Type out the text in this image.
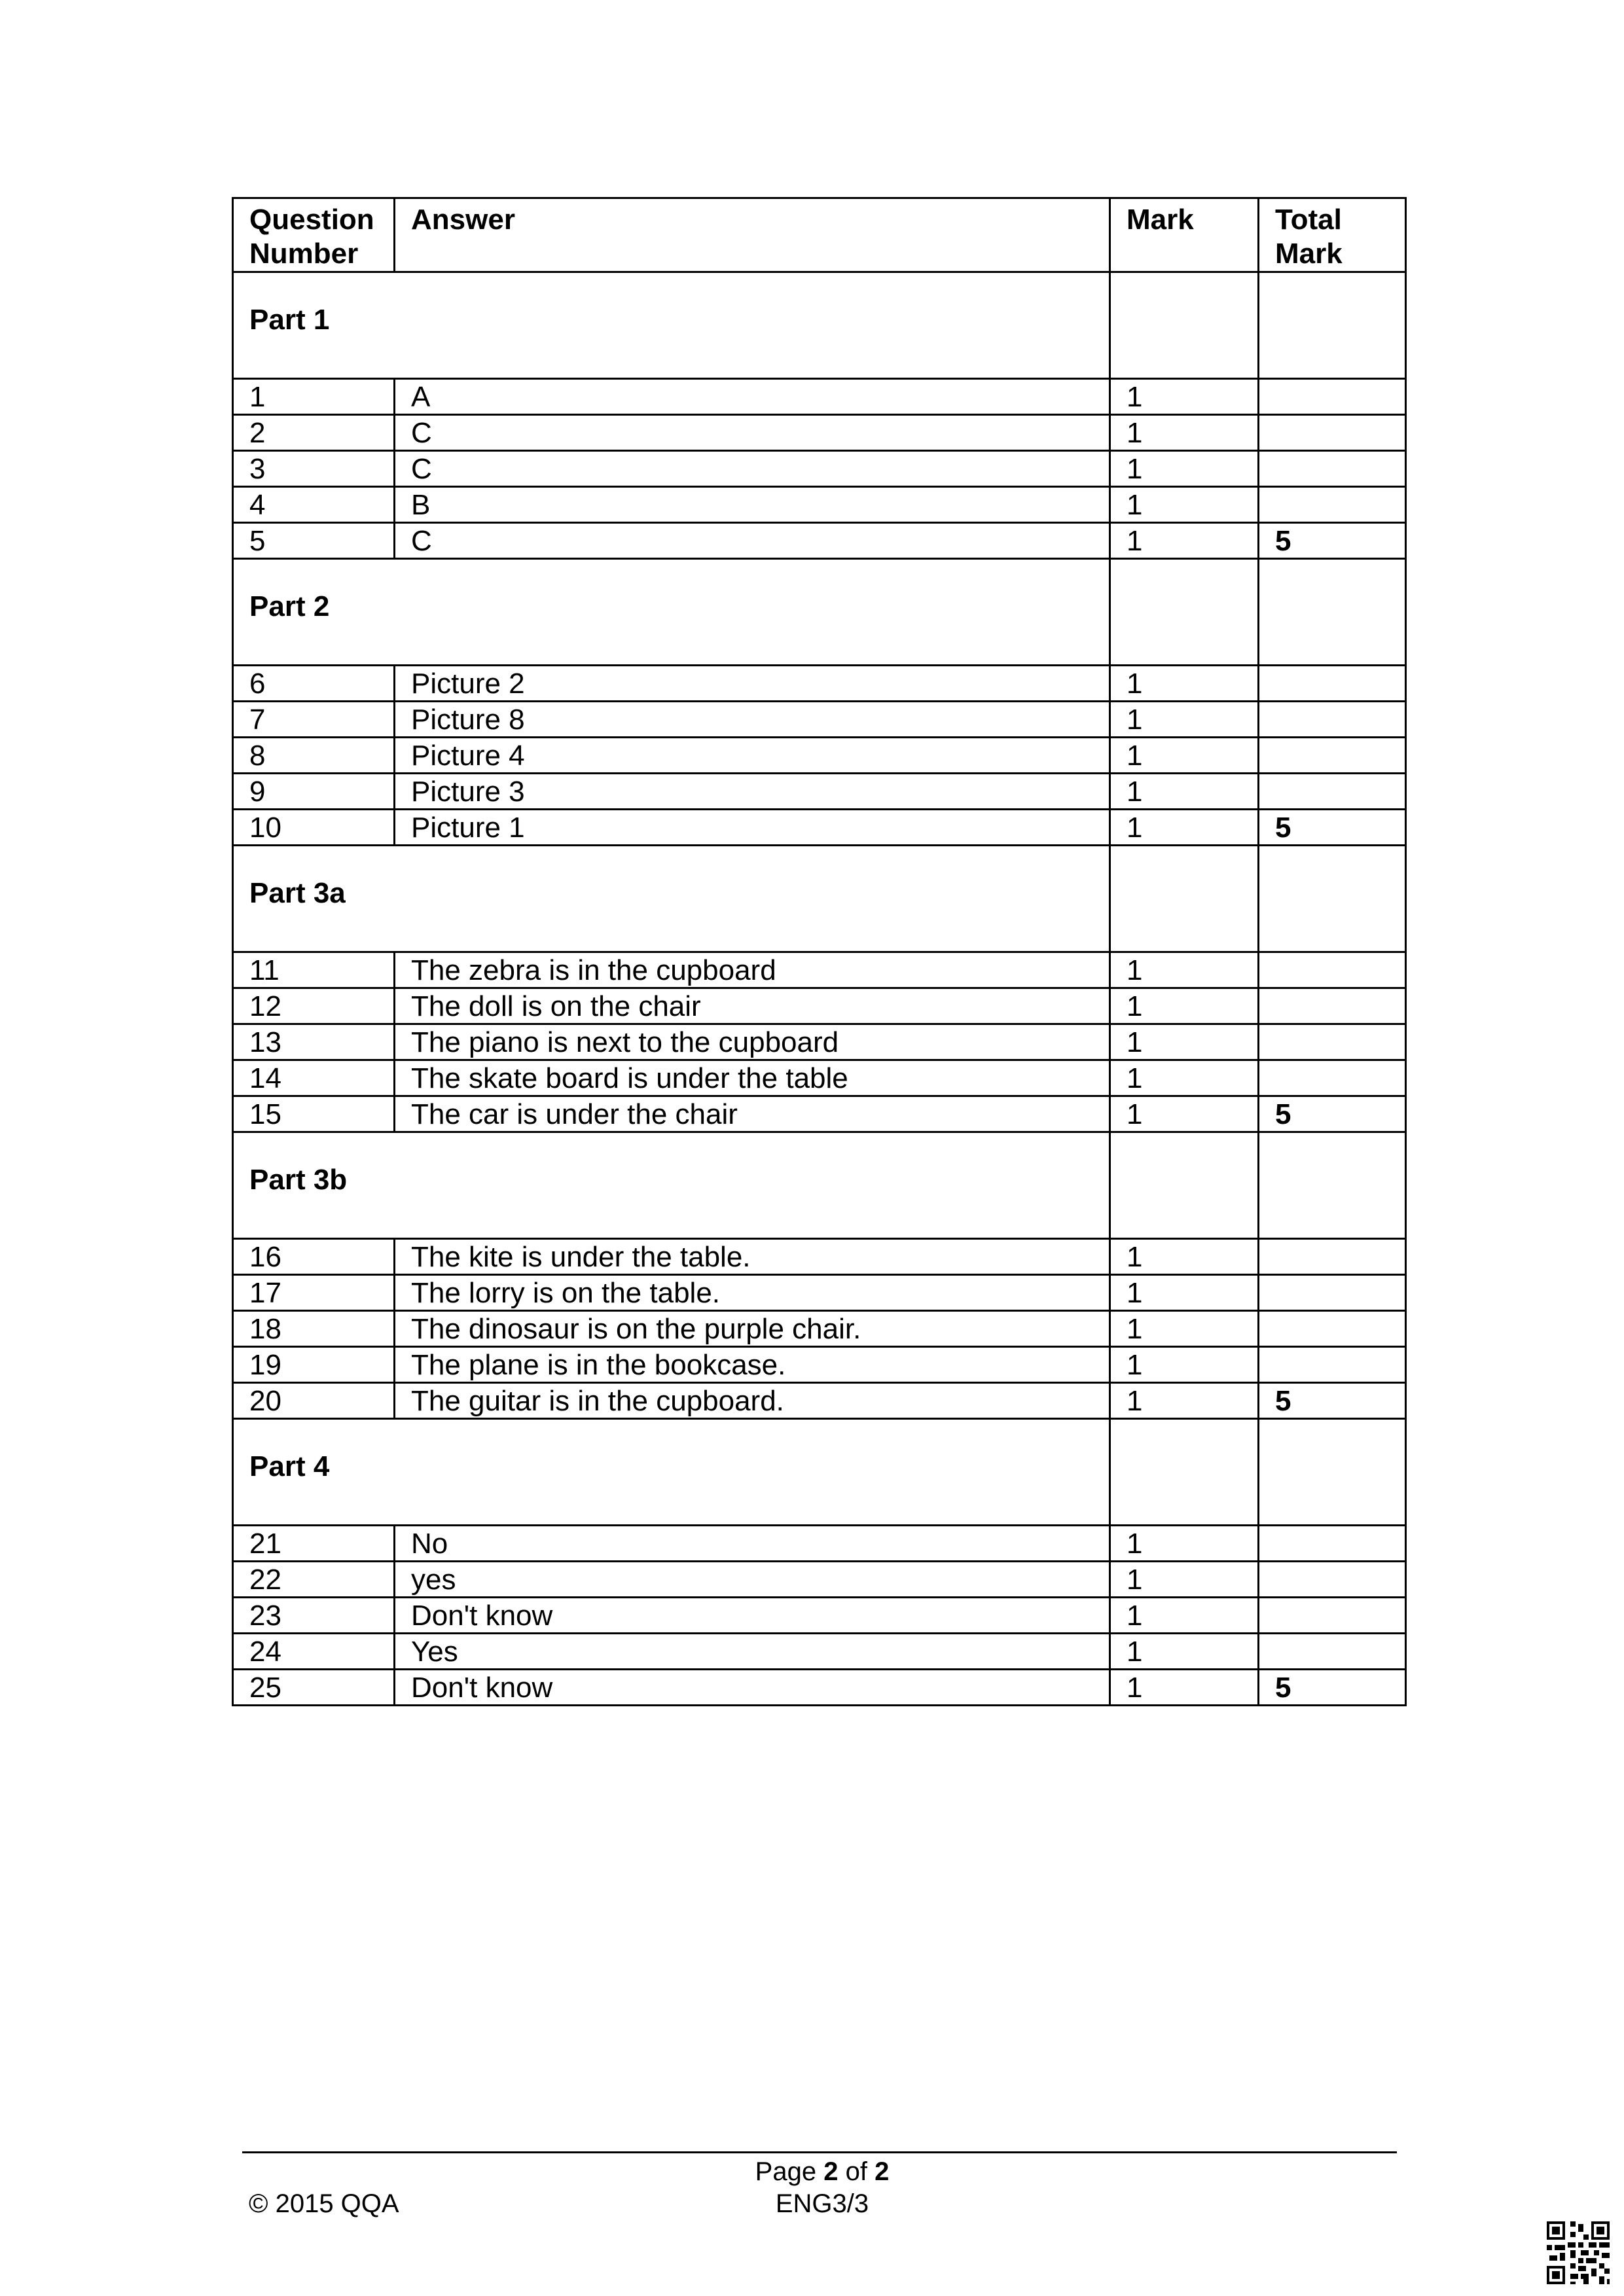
Question Number	Answer	Mark	Total Mark
Part 1			
1	A	1	
2	C	1	
3	C	1	
4	B	1	
5	C	1	5
Part 2			
6	Picture 2	1	
7	Picture 8	1	
8	Picture 4	1	
9	Picture 3	1	
10	Picture 1	1	5
Part 3a			
11	The zebra is in the cupboard	1	
12	The doll is on the chair	1	
13	The piano is next to the cupboard	1	
14	The skate board is under the table	1	
15	The car is under the chair	1	5
Part 3b			
16	The kite is under the table.	1	
17	The lorry is on the table.	1	
18	The dinosaur is on the purple chair.	1	
19	The plane is in the bookcase.	1	
20	The guitar is in the cupboard.	1	5
Part 4			
21	No	1	
22	yes	1	
23	Don't know	1	
24	Yes	1	
25	Don't know	1	5
Page 2 of 2
© 2015 QQA	ENG3/3
